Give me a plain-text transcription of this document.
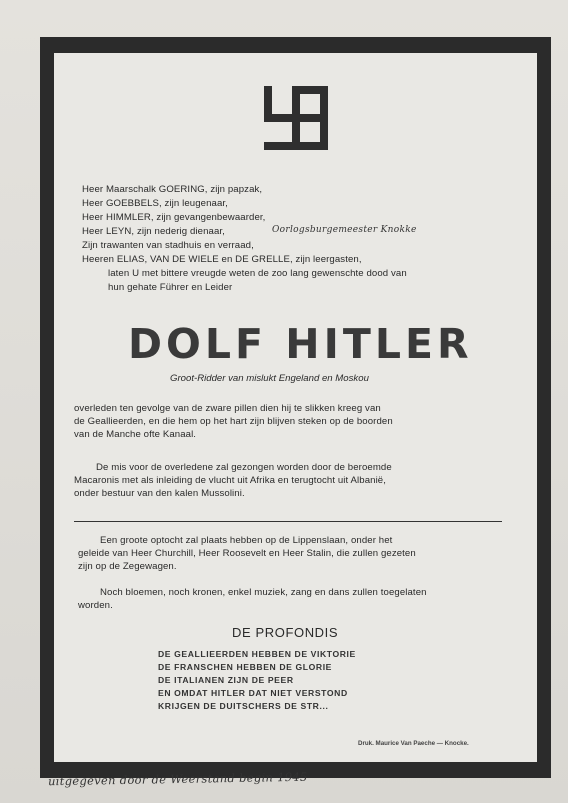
Heer Maarschalk GOERING, zijn papzak,
Heer GOEBBELS, zijn leugenaar,
Heer HIMMLER, zijn gevangenbewaarder,
Heer LEYN, zijn nederig dienaar,	Oorlogsburgemeester Knokke
Zijn trawanten van stadhuis en verraad,
Heeren ELIAS, VAN DE WIELE en DE GRELLE, zijn leergasten,
laten U met bittere vreugde weten de zoo lang gewenschte dood van
hun gehate Führer en Leider
DOLF HITLER
Groot-Ridder van mislukt Engeland en Moskou
overleden ten gevolge van de zware pillen dien hij te slikken kreeg van
de Geallieerden, en die hem op het hart zijn blijven steken op de boorden
van de Manche ofte Kanaal.
De mis voor de overledene zal gezongen worden door de beroemde
Macaronis met als inleiding de vlucht uit Afrika en terugtocht uit Albanië,
onder bestuur van den kalen Mussolini.
Een groote optocht zal plaats hebben op de Lippenslaan, onder het
geleide van Heer Churchill, Heer Roosevelt en Heer Stalin, die zullen gezeten
zijn op de Zegewagen.
Noch bloemen, noch kronen, enkel muziek, zang en dans zullen toegelaten
worden.
DE PROFONDIS
DE GEALLIEERDEN HEBBEN DE VIKTORIE
DE FRANSCHEN HEBBEN DE GLORIE
DE ITALIANEN ZIJN DE PEER
EN OMDAT HITLER DAT NIET VERSTOND
KRIJGEN DE DUITSCHERS DE STR...
Druk. Maurice Van Paeche — Knocke.
uitgegeven door de Weerstand begin 1945
